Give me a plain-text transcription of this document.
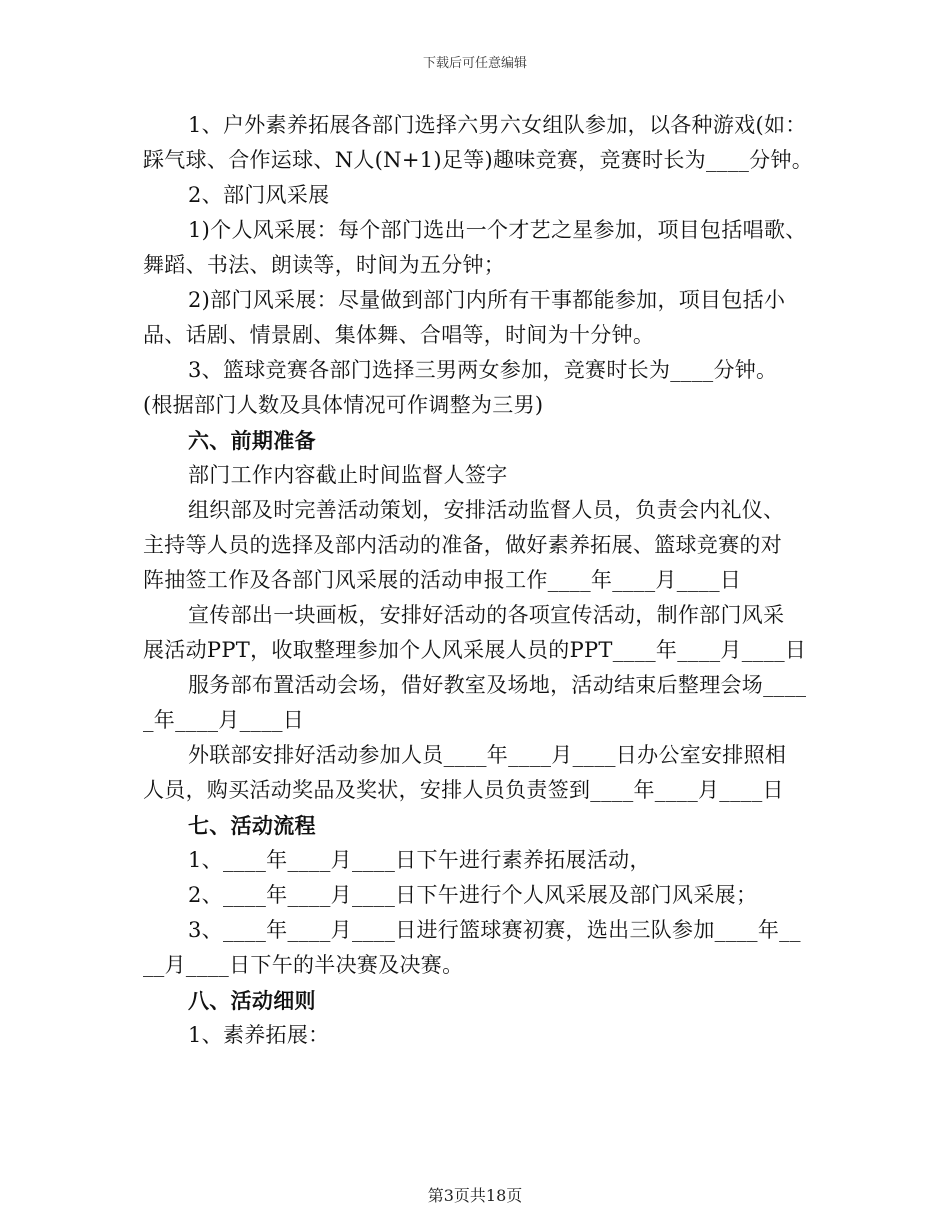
下载后可任意编辑
1、户外素养拓展各部门选择六男六女组队参加，以各种游戏(如：
踩气球、合作运球、N人(N+1)足等)趣味竞赛，竞赛时长为____分钟。
2、部门风采展
1)个人风采展：每个部门选出一个才艺之星参加，项目包括唱歌、
舞蹈、书法、朗读等，时间为五分钟；
2)部门风采展：尽量做到部门内所有干事都能参加，项目包括小
品、话剧、情景剧、集体舞、合唱等，时间为十分钟。
3、篮球竞赛各部门选择三男两女参加，竞赛时长为____分钟。
(根据部门人数及具体情况可作调整为三男)
六、前期准备
部门工作内容截止时间监督人签字
组织部及时完善活动策划，安排活动监督人员，负责会内礼仪、
主持等人员的选择及部内活动的准备，做好素养拓展、篮球竞赛的对
阵抽签工作及各部门风采展的活动申报工作____年____月____日
宣传部出一块画板，安排好活动的各项宣传活动，制作部门风采
展活动PPT，收取整理参加个人风采展人员的PPT____年____月____日
服务部布置活动会场，借好教室及场地，活动结束后整理会场____
_年____月____日
外联部安排好活动参加人员____年____月____日办公室安排照相
人员，购买活动奖品及奖状，安排人员负责签到____年____月____日
七、活动流程
1、____年____月____日下午进行素养拓展活动，
2、____年____月____日下午进行个人风采展及部门风采展；
3、____年____月____日进行篮球赛初赛，选出三队参加____年__
__月____日下午的半决赛及决赛。
八、活动细则
1、素养拓展：
第3页共18页
